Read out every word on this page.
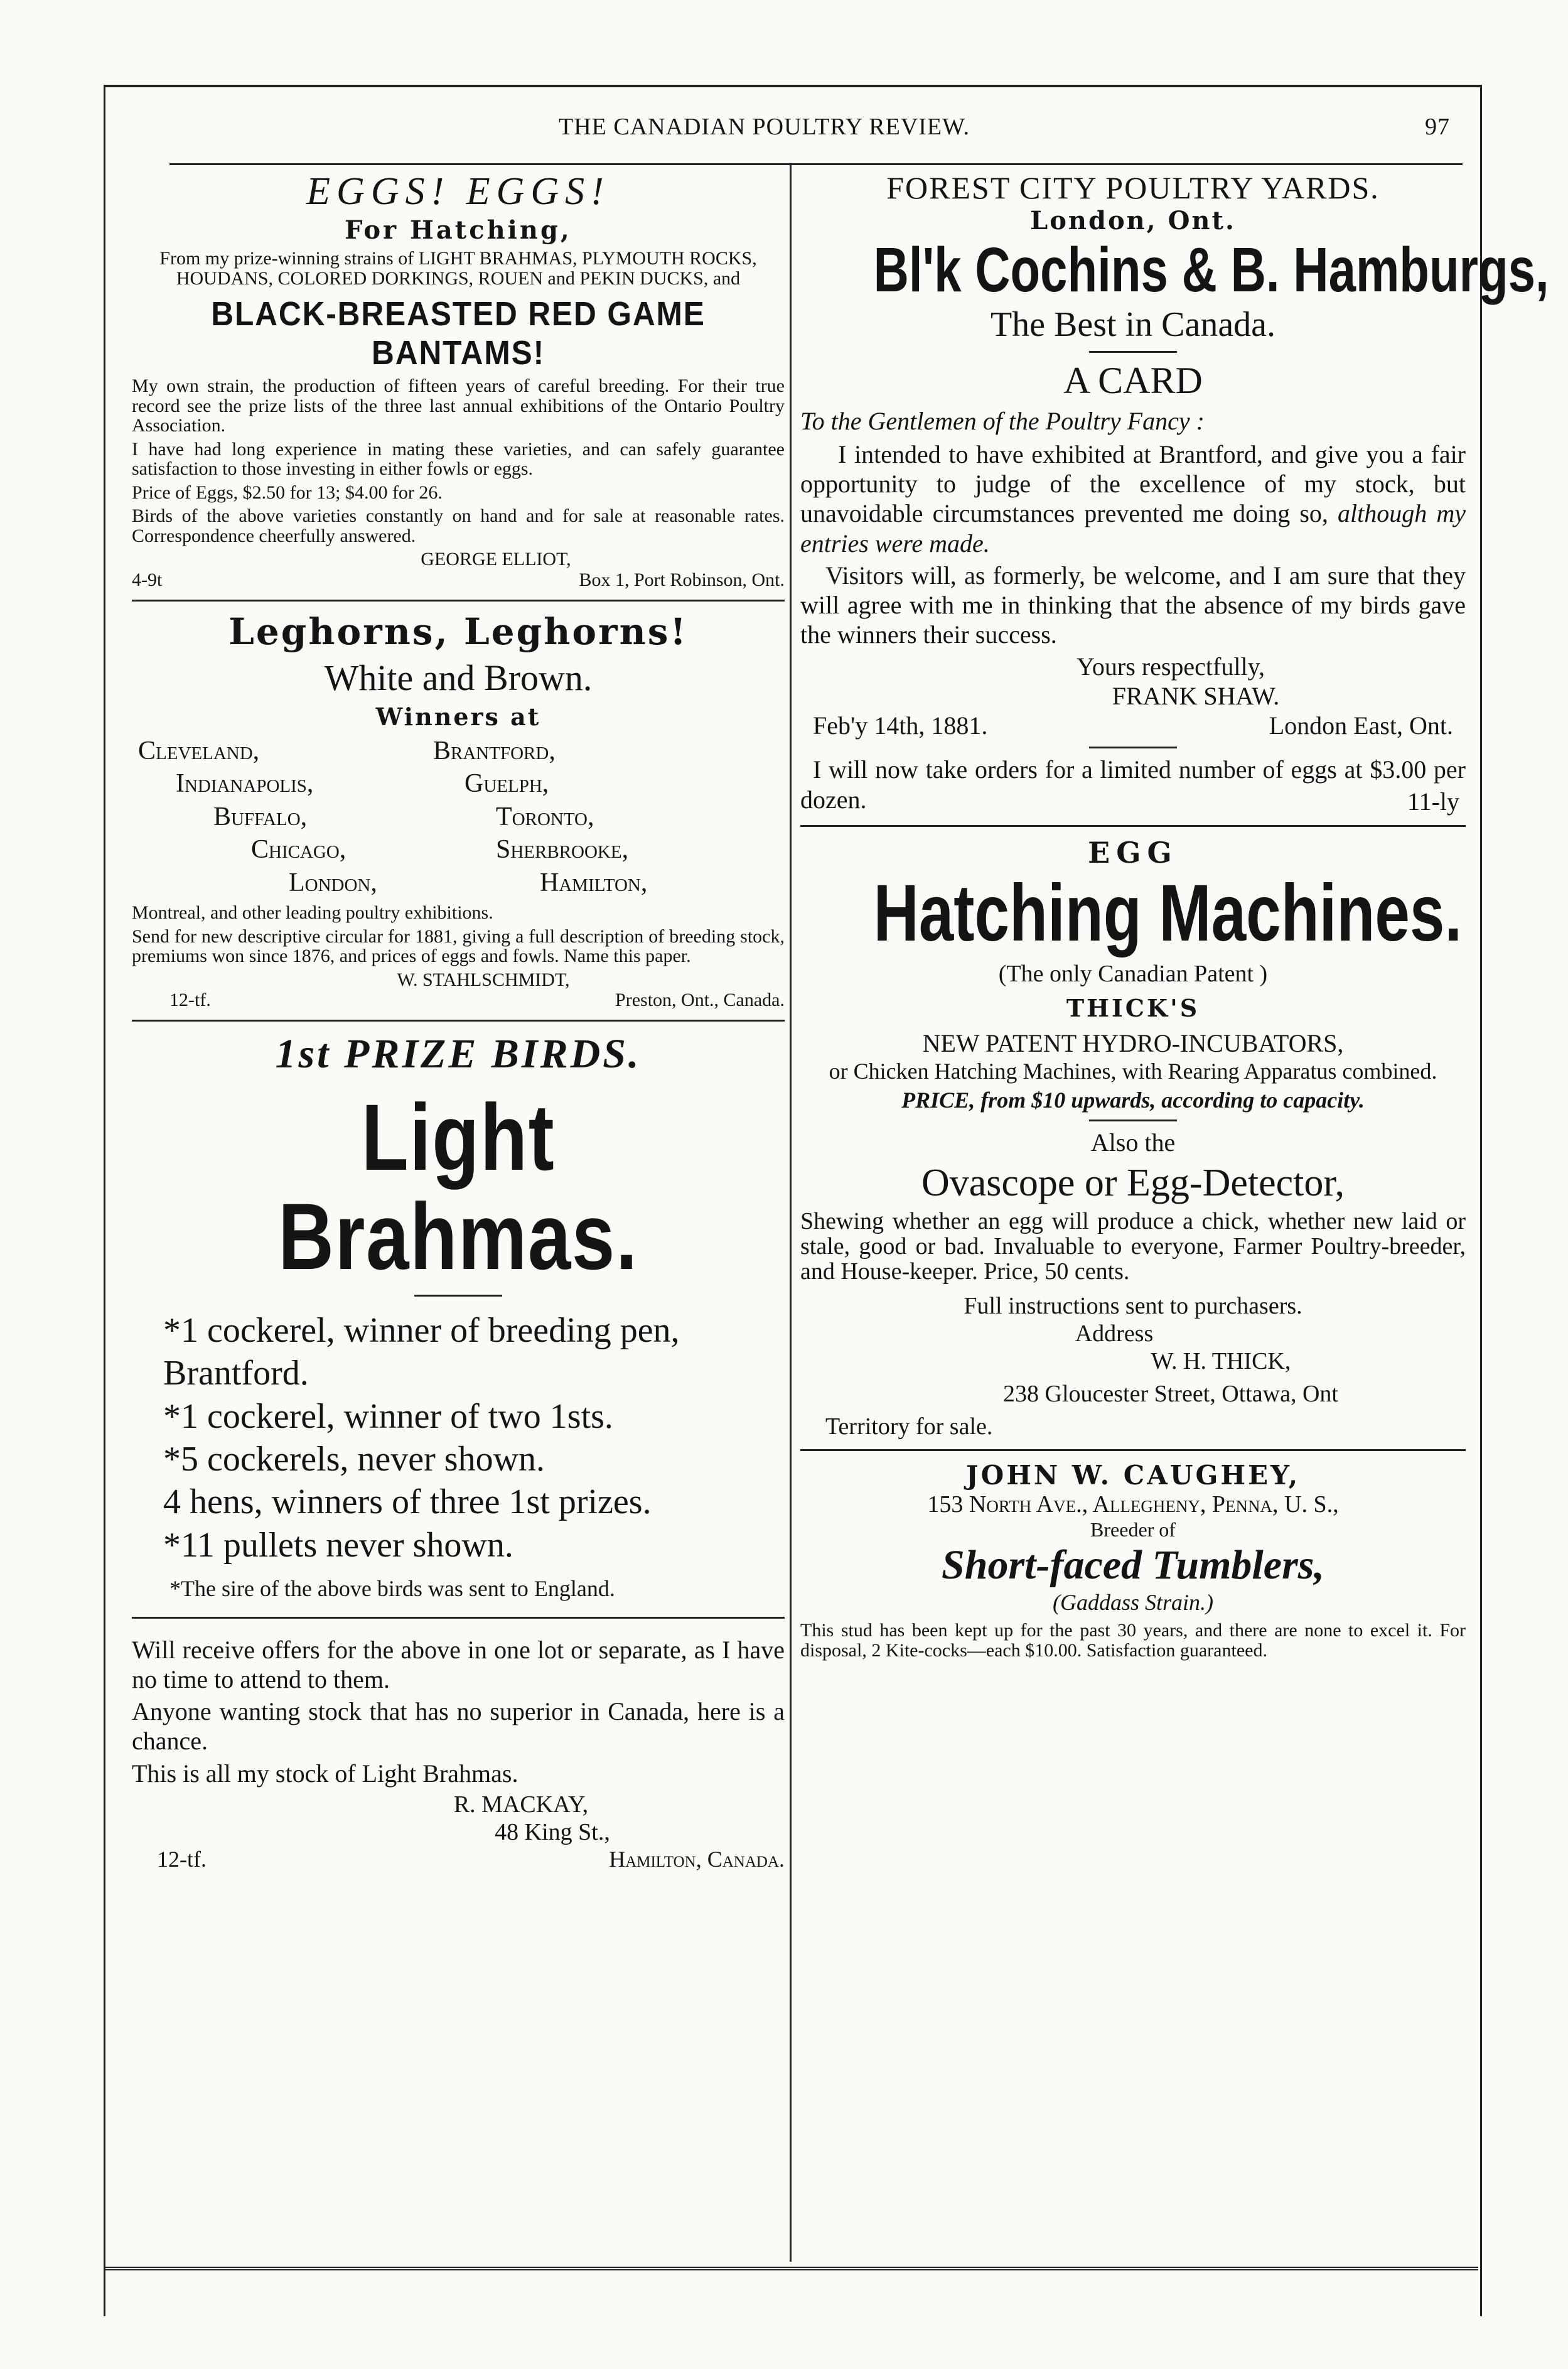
THE CANADIAN POULTRY REVIEW.	97
EGGS! EGGS!
For Hatching,
From my prize-winning strains of LIGHT BRAHMAS, PLYMOUTH ROCKS, HOUDANS, COLORED DORKINGS, ROUEN and PEKIN DUCKS, and
BLACK-BREASTED RED GAME BANTAMS!

My own strain, the production of fifteen years of careful breeding. For their true record see the prize lists of the three last annual exhibitions of the Ontario Poultry Association.

I have had long experience in mating these varieties, and can safely guarantee satisfaction to those investing in either fowls or eggs.

Price of Eggs, $2.50 for 13; $4.00 for 26.

Birds of the above varieties constantly on hand and for sale at reasonable rates. Correspondence cheerfully answered.

GEORGE ELLIOT,
4-9t	Box 1, Port Robinson, Ont.
Leghorns, Leghorns!
White and Brown.
Winners at
Cleveland,	Brantford,
Indianapolis,	Guelph,
Buffalo,	Toronto,
Chicago,	Sherbrooke,
London,	Hamilton,

Montreal, and other leading poultry exhibitions.

Send for new descriptive circular for 1881, giving a full description of breeding stock, premiums won since 1876, and prices of eggs and fowls. Name this paper.

W. STAHLSCHMIDT,
12-tf.	Preston, Ont., Canada.
1st PRIZE BIRDS.
Light Brahmas.
*1 cockerel, winner of breeding pen, Brantford.
*1 cockerel, winner of two 1sts.
*5 cockerels, never shown.
4 hens, winners of three 1st prizes.
*11 pullets never shown.
*The sire of the above birds was sent to England.

Will receive offers for the above in one lot or separate, as I have no time to attend to them.

Anyone wanting stock that has no superior in Canada, here is a chance.

This is all my stock of Light Brahmas.

R. MACKAY,
48 King St.,
12-tf.	Hamilton, Canada.
FOREST CITY POULTRY YARDS.
London, Ont.
Bl'k Cochins & B. Hamburgs,
The Best in Canada.
A CARD
To the Gentlemen of the Poultry Fancy :

I intended to have exhibited at Brantford, and give you a fair opportunity to judge of the excellence of my stock, but unavoidable circumstances prevented me doing so, although my entries were made.

Visitors will, as formerly, be welcome, and I am sure that they will agree with me in thinking that the absence of my birds gave the winners their success.

Yours respectfully,
FRANK SHAW.
Feb'y 14th, 1881.	London East, Ont.

I will now take orders for a limited number of eggs at $3.00 per dozen.	11-ly
EGG
Hatching Machines.
(The only Canadian Patent )
THICK'S
NEW PATENT HYDRO-INCUBATORS,
or Chicken Hatching Machines, with Rearing Apparatus combined.
PRICE, from $10 upwards, according to capacity.
Also the
Ovascope or Egg-Detector,

Shewing whether an egg will produce a chick, whether new laid or stale, good or bad. Invaluable to everyone, Farmer Poultry-breeder, and House-keeper. Price, 50 cents.

Full instructions sent to purchasers.
Address
W. H. THICK,
238 Gloucester Street, Ottawa, Ont
Territory for sale.
JOHN W. CAUGHEY,
153 North Ave., Allegheny, Penna, U. S.,
Breeder of
Short-faced Tumblers,
(Gaddass Strain.)

This stud has been kept up for the past 30 years, and there are none to excel it. For disposal, 2 Kite-cocks—each $10.00. Satisfaction guaranteed.
